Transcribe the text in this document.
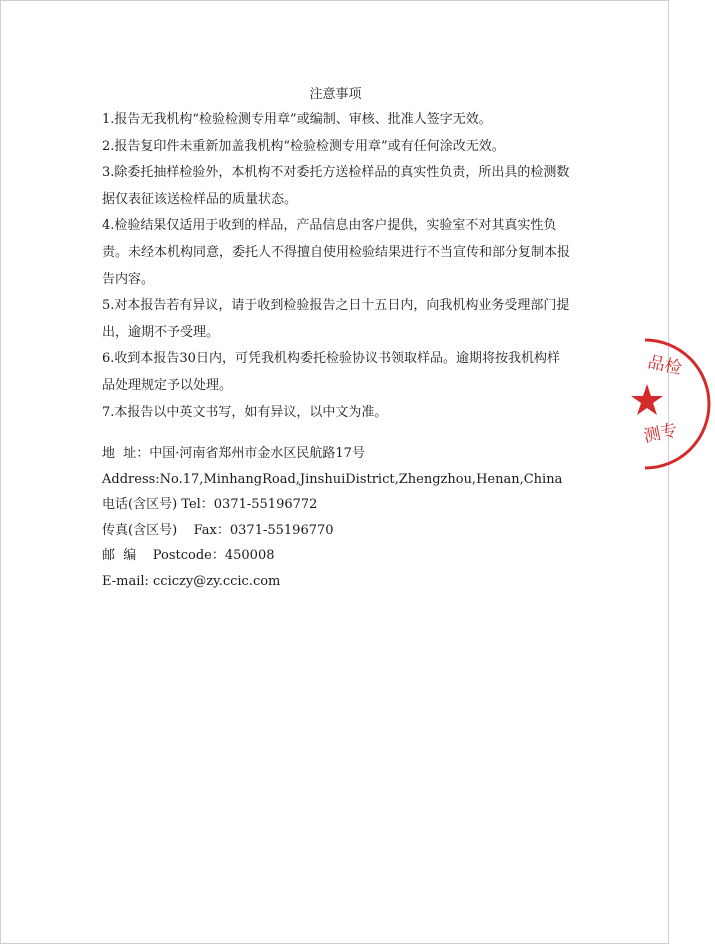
注意事项

1.报告无我机构“检验检测专用章”或编制、审核、批准人签字无效。

2.报告复印件未重新加盖我机构“检验检测专用章”或有任何涂改无效。

3.除委托抽样检验外，本机构不对委托方送检样品的真实性负责，所出具的检测数据仅表征该送检样品的质量状态。

4.检验结果仅适用于收到的样品，产品信息由客户提供，实验室不对其真实性负责。未经本机构同意，委托人不得擅自使用检验结果进行不当宣传和部分复制本报告内容。

5.对本报告若有异议，请于收到检验报告之日十五日内，向我机构业务受理部门提出，逾期不予受理。

6.收到本报告30日内，可凭我机构委托检验协议书领取样品。逾期将按我机构样品处理规定予以处理。

7.本报告以中英文书写，如有异议，以中文为准。

地  址：中国·河南省郑州市金水区民航路17号

Address:No.17,MinhangRoad,JinshuiDistrict,Zhengzhou,Henan,China

电话(含区号) Tel：0371-55196772

传真(含区号)    Fax：0371-55196770

邮  编    Postcode：450008

E-mail: cciczy@zy.ccic.com

品检
测专
